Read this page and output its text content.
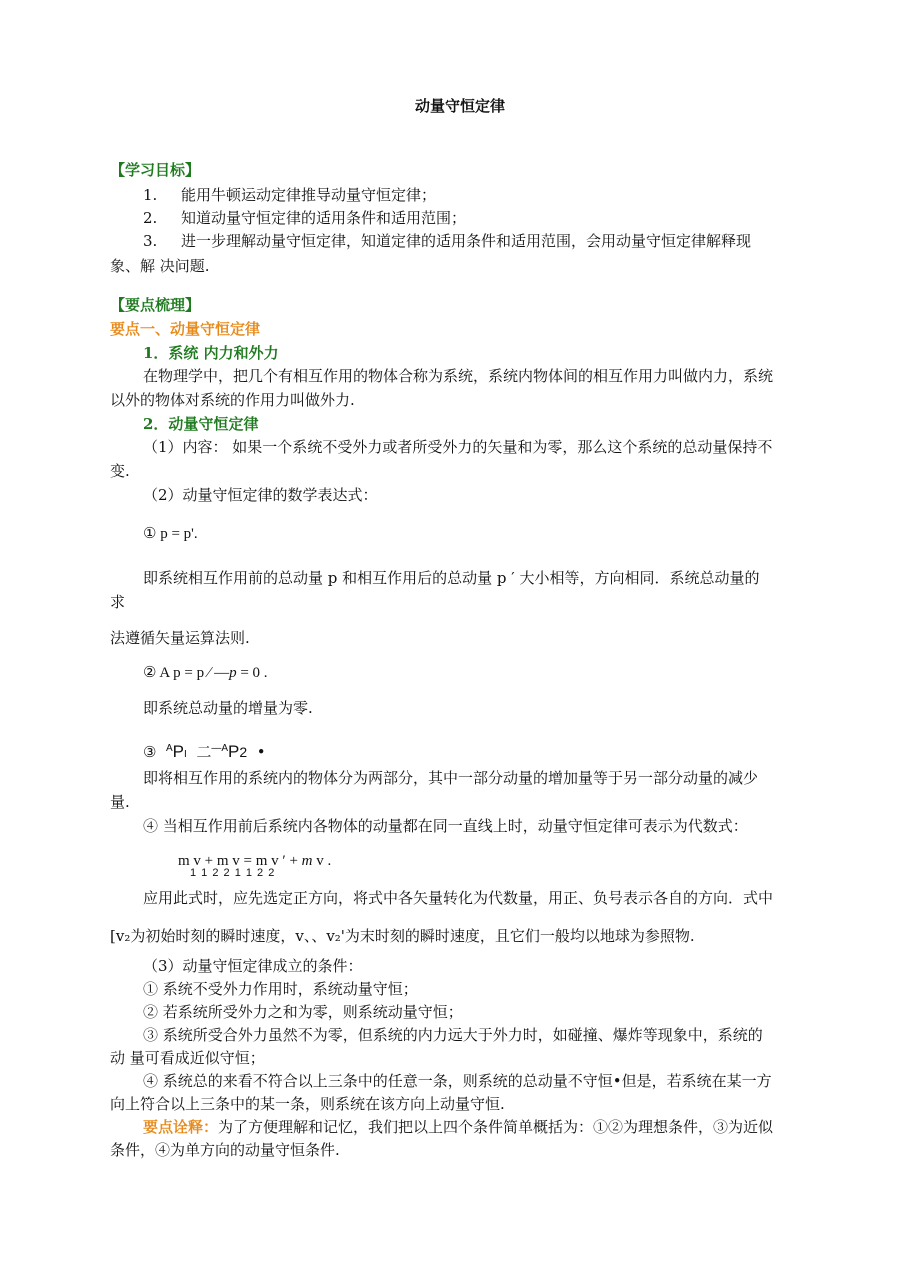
动量守恒定律
【学习目标】
1. 能用牛顿运动定律推导动量守恒定律；
2. 知道动量守恒定律的适用条件和适用范围；
3. 进一步理解动量守恒定律，知道定律的适用条件和适用范围，会用动量守恒定律解释现
象、解 决问题.
【要点梳理】
要点一、动量守恒定律
1．系统 内力和外力
在物理学中，把几个有相互作用的物体合称为系统，系统内物体间的相互作用力叫做内力，系统
以外的物体对系统的作用力叫做外力.
2．动量守恒定律
（1）内容： 如果一个系统不受外力或者所受外力的矢量和为零，那么这个系统的总动量保持不
变.
（2）动量守恒定律的数学表达式：
① p = p'.
即系统相互作用前的总动量 p 和相互作用后的总动量 p ′ 大小相等，方向相同．系统总动量的
求
法遵循矢量运算法则.
② A p = p ∕ —p = 0 .
即系统总动量的增量为零.
③ $^A$PI 二$^{—A}$P2 •
即将相互作用的系统内的物体分为两部分，其中一部分动量的增加量等于另一部分动量的减少
量.
④ 当相互作用前后系统内各物体的动量都在同一直线上时，动量守恒定律可表示为代数式：
m v + m v = m v ′ + m v .
1 1 2 2 1 1 2 2
应用此式时，应先选定正方向，将式中各矢量转化为代数量，用正、负号表示各自的方向．式中
[v₂为初始时刻的瞬时速度，v、、v₂'为末时刻的瞬时速度，且它们一般均以地球为参照物.
（3）动量守恒定律成立的条件：
① 系统不受外力作用时，系统动量守恒；
② 若系统所受外力之和为零，则系统动量守恒；
③ 系统所受合外力虽然不为零，但系统的内力远大于外力时，如碰撞、爆炸等现象中，系统的
动 量可看成近似守恒；
④ 系统总的来看不符合以上三条中的任意一条，则系统的总动量不守恒•但是，若系统在某一方
向上符合以上三条中的某一条，则系统在该方向上动量守恒.
要点诠释：为了方便理解和记忆，我们把以上四个条件简单概括为：①②为理想条件，③为近似
条件，④为单方向的动量守恒条件.
